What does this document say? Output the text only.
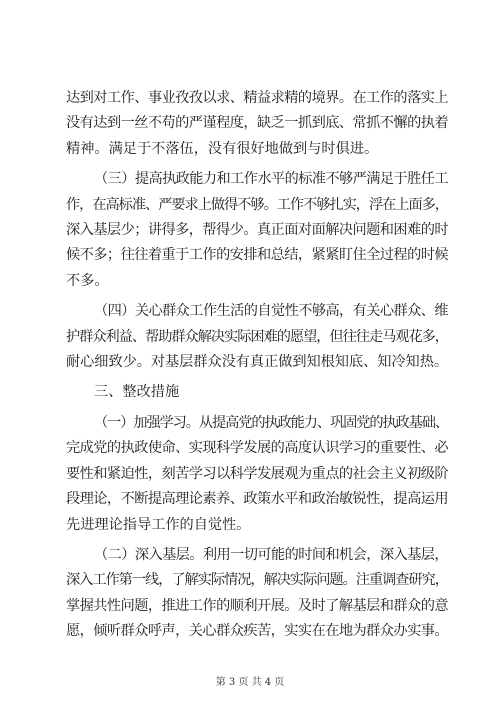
达到对工作、事业孜孜以求、精益求精的境界。在工作的落实上
没有达到一丝不苟的严谨程度，缺乏一抓到底、常抓不懈的执着
精神。满足于不落伍，没有很好地做到与时俱进。

（三）提高执政能力和工作水平的标准不够严满足于胜任工
作，在高标准、严要求上做得不够。工作不够扎实，浮在上面多，
深入基层少；讲得多，帮得少。真正面对面解决问题和困难的时
候不多；往往着重于工作的安排和总结，紧紧盯住全过程的时候
不多。

（四）关心群众工作生活的自觉性不够高，有关心群众、维
护群众利益、帮助群众解决实际困难的愿望，但往往走马观花多，
耐心细致少。对基层群众没有真正做到知根知底、知冷知热。

三、整改措施

（一）加强学习。从提高党的执政能力、巩固党的执政基础、
完成党的执政使命、实现科学发展的高度认识学习的重要性、必
要性和紧迫性，刻苦学习以科学发展观为重点的社会主义初级阶
段理论，不断提高理论素养、政策水平和政治敏锐性，提高运用
先进理论指导工作的自觉性。

（二）深入基层。利用一切可能的时间和机会，深入基层，
深入工作第一线，了解实际情况，解决实际问题。注重调查研究，
掌握共性问题，推进工作的顺利开展。及时了解基层和群众的意
愿，倾听群众呼声，关心群众疾苦，实实在在地为群众办实事。

第 3 页 共 4 页
